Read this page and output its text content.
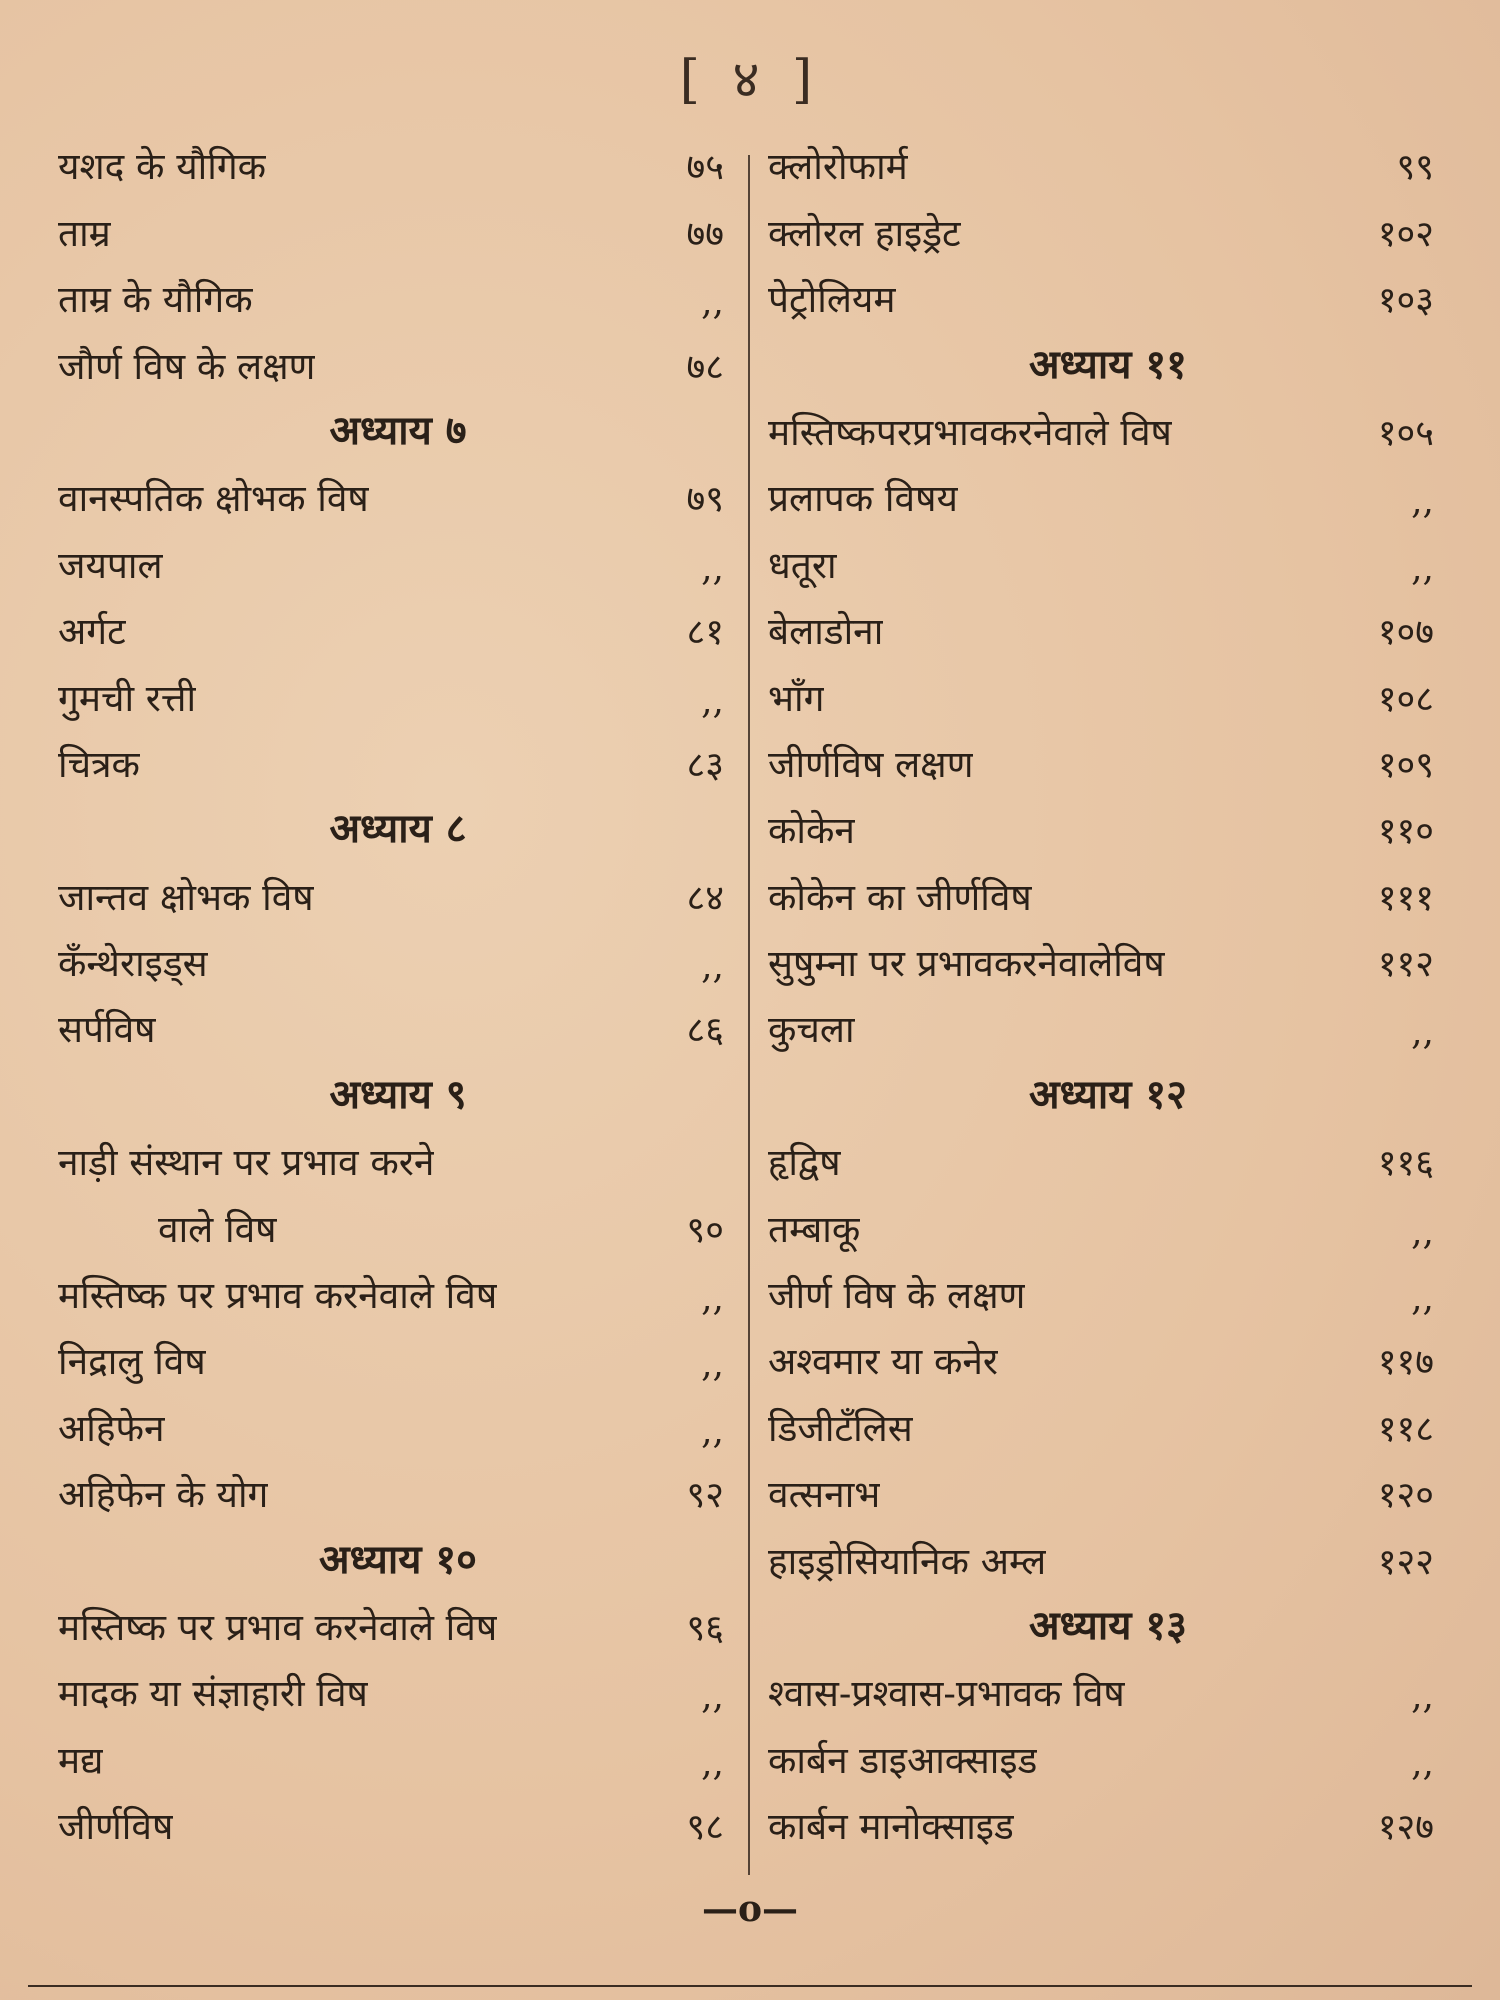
[ ४ ]
यशद के यौगिक	७५
ताम्र	७७
ताम्र के यौगिक	,,
जौर्ण विष के लक्षण	७८
अध्याय ७
वानस्पतिक क्षोभक विष	७९
जयपाल	,,
अर्गट	८१
गुमची रत्ती	,,
चित्रक	८३
अध्याय ८
जान्तव क्षोभक विष	८४
कँन्थेराइड्स	,,
सर्पविष	८६
अध्याय ९
नाड़ी संस्थान पर प्रभाव करने
वाले विष	९०
मस्तिष्क पर प्रभाव करनेवाले विष	,,
निद्रालु विष	,,
अहिफेन	,,
अहिफेन के योग	९२
अध्याय १०
मस्तिष्क पर प्रभाव करनेवाले विष	९६
मादक या संज्ञाहारी विष	,,
मद्य	,,
जीर्णविष	९८
क्लोरोफार्म	९९
क्लोरल हाइड्रेट	१०२
पेट्रोलियम	१०३
अध्याय ११
मस्तिष्कपरप्रभावकरनेवाले विष	१०५
प्रलापक विषय	,,
धतूरा	,,
बेलाडोना	१०७
भाँग	१०८
जीर्णविष लक्षण	१०९
कोकेन	११०
कोकेन का जीर्णविष	१११
सुषुम्ना पर प्रभावकरनेवालेविष	११२
कुचला	,,
अध्याय १२
हृद्विष	११६
तम्बाकू	,,
जीर्ण विष के लक्षण	,,
अश्वमार या कनेर	११७
डिजीटँलिस	११८
वत्सनाभ	१२०
हाइड्रोसियानिक अम्ल	१२२
अध्याय १३
श्वास-प्रश्वास-प्रभावक विष	,,
कार्बन डाइआक्साइड	,,
कार्बन मानोक्साइड	१२७
—o—
